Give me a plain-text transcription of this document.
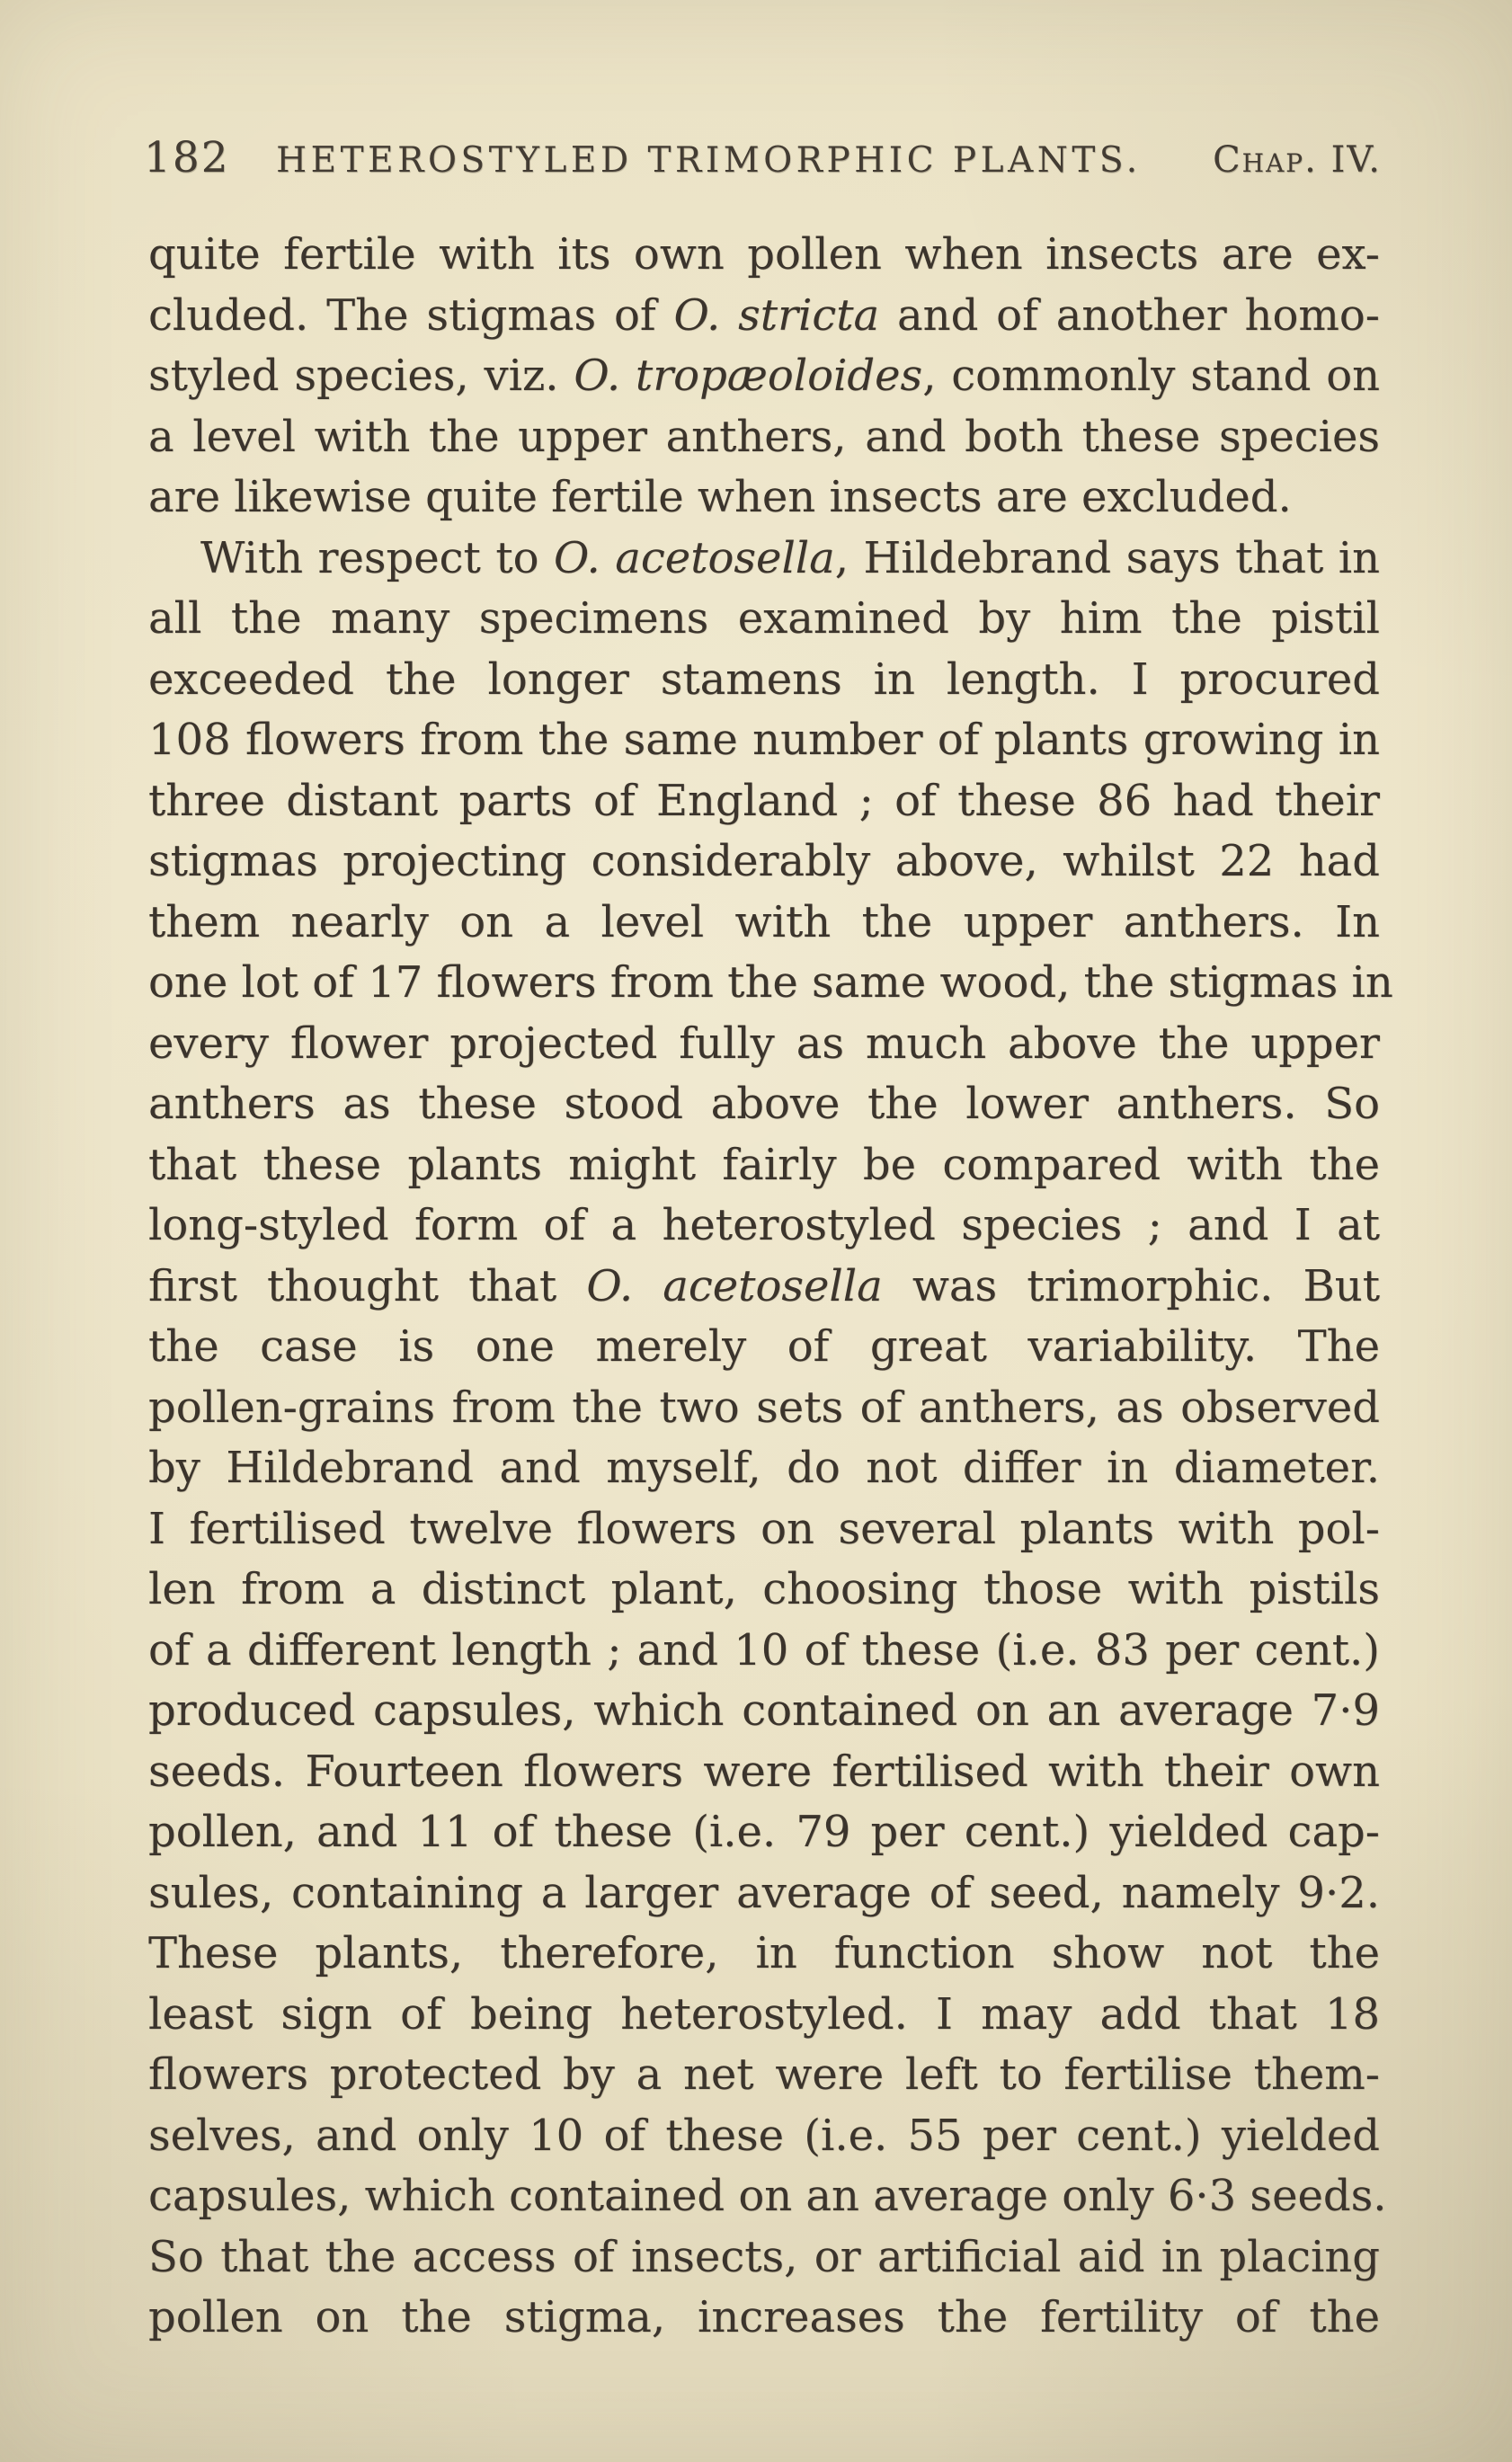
182	HETEROSTYLED TRIMORPHIC PLANTS.	Chap. IV.
quite fertile with its own pollen when insects are ex-
cluded. The stigmas of O. stricta and of another homo-
styled species, viz. O. tropæoloides, commonly stand on
a level with the upper anthers, and both these species
are likewise quite fertile when insects are excluded.
With respect to O. acetosella, Hildebrand says that in
all the many specimens examined by him the pistil
exceeded the longer stamens in length. I procured
108 flowers from the same number of plants growing in
three distant parts of England ; of these 86 had their
stigmas projecting considerably above, whilst 22 had
them nearly on a level with the upper anthers. In
one lot of 17 flowers from the same wood, the stigmas in
every flower projected fully as much above the upper
anthers as these stood above the lower anthers. So
that these plants might fairly be compared with the
long-styled form of a heterostyled species ; and I at
first thought that O. acetosella was trimorphic. But
the case is one merely of great variability. The
pollen-grains from the two sets of anthers, as observed
by Hildebrand and myself, do not differ in diameter.
I fertilised twelve flowers on several plants with pol-
len from a distinct plant, choosing those with pistils
of a different length ; and 10 of these (i.e. 83 per cent.)
produced capsules, which contained on an average 7·9
seeds. Fourteen flowers were fertilised with their own
pollen, and 11 of these (i.e. 79 per cent.) yielded cap-
sules, containing a larger average of seed, namely 9·2.
These plants, therefore, in function show not the
least sign of being heterostyled. I may add that 18
flowers protected by a net were left to fertilise them-
selves, and only 10 of these (i.e. 55 per cent.) yielded
capsules, which contained on an average only 6·3 seeds.
So that the access of insects, or artificial aid in placing
pollen on the stigma, increases the fertility of the
